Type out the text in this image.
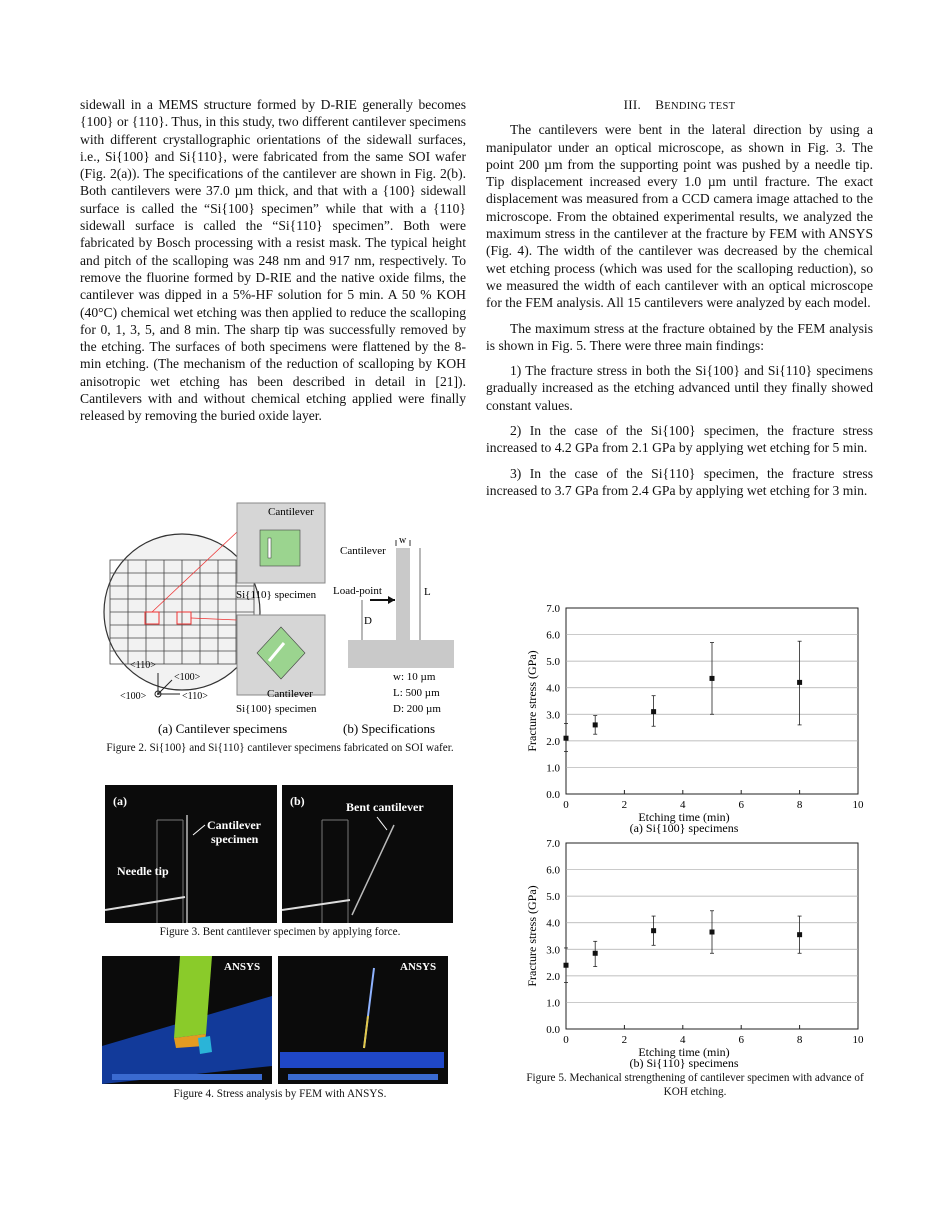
sidewall in a MEMS structure formed by D-RIE generally becomes {100} or {110}. Thus, in this study, two different cantilever specimens with different crystallographic orientations of the sidewall surfaces, i.e., Si{100} and Si{110}, were fabricated from the same SOI wafer (Fig. 2(a)). The specifications of the cantilever are shown in Fig. 2(b). Both cantilevers were 37.0 µm thick, and that with a {100} sidewall surface is called the “Si{100} specimen” while that with a {110} sidewall surface is called the “Si{110} specimen”. Both were fabricated by Bosch processing with a resist mask. The typical height and pitch of the scalloping was 248 nm and 917 nm, respectively. To remove the fluorine formed by D-RIE and the native oxide films, the cantilever was dipped in a 5%-HF solution for 5 min. A 50 % KOH (40°C) chemical wet etching was then applied to reduce the scalloping for 0, 1, 3, 5, and 8 min. The sharp tip was successfully removed by the etching. The surfaces of both specimens were flattened by the 8-min etching. (The mechanism of the reduction of scalloping by KOH anisotropic wet etching has been described in detail in [21]). Cantilevers with and without chemical etching applied were finally released by removing the buried oxide layer.

III. BENDING TEST

The cantilevers were bent in the lateral direction by using a manipulator under an optical microscope, as shown in Fig. 3. The point 200 µm from the supporting point was pushed by a needle tip. Tip displacement increased every 1.0 µm until fracture. The exact displacement was measured from a CCD camera image attached to the microscope. From the obtained experimental results, we analyzed the maximum stress in the cantilever at the fracture by FEM with ANSYS (Fig. 4). The width of the cantilever was decreased by the chemical wet etching process (which was used for the scalloping reduction), so we measured the width of each cantilever with an optical microscope for the FEM analysis. All 15 cantilevers were analyzed by each model.

The maximum stress at the fracture obtained by the FEM analysis is shown in Fig. 5. There were three main findings:

1) The fracture stress in both the Si{100} and Si{110} specimens gradually increased as the etching advanced until they finally showed constant values.

2) In the case of the Si{100} specimen, the fracture stress increased to 4.2 GPa from 2.1 GPa by applying wet etching for 5 min.

3) In the case of the Si{110} specimen, the fracture stress increased to 3.7 GPa from 2.4 GPa by applying wet etching for 3 min.

Cantilever
Si{110} specimen
Cantilever
Si{100} specimen
<110>
<100>
<100>	<110>
Cantilever
Load-point
w
L
D
w: 10 µm
L: 500 µm
D: 200 µm
(a) Cantilever specimens	(b) Specifications
Figure 2. Si{100} and Si{110} cantilever specimens fabricated on SOI wafer.
(a)
Cantilever
specimen
Needle tip
(b)	Bent cantilever
Figure 3. Bent cantilever specimen by applying force.
ANSYS	ANSYS
Figure 4. Stress analysis by FEM with ANSYS.
0.0
1.0
2.0
3.0
4.0
5.0
6.0
7.0
0	2	4	6	8	10
Etching time (min)
(a) Si{100} specimens
Fracture stress (GPa)
0.0
1.0
2.0
3.0
4.0
5.0
6.0
7.0
0	2	4	6	8	10
Etching time (min)
(b) Si{110} specimens
Fracture stress (GPa)
Figure 5. Mechanical strengthening of cantilever specimen with advance of KOH etching.
